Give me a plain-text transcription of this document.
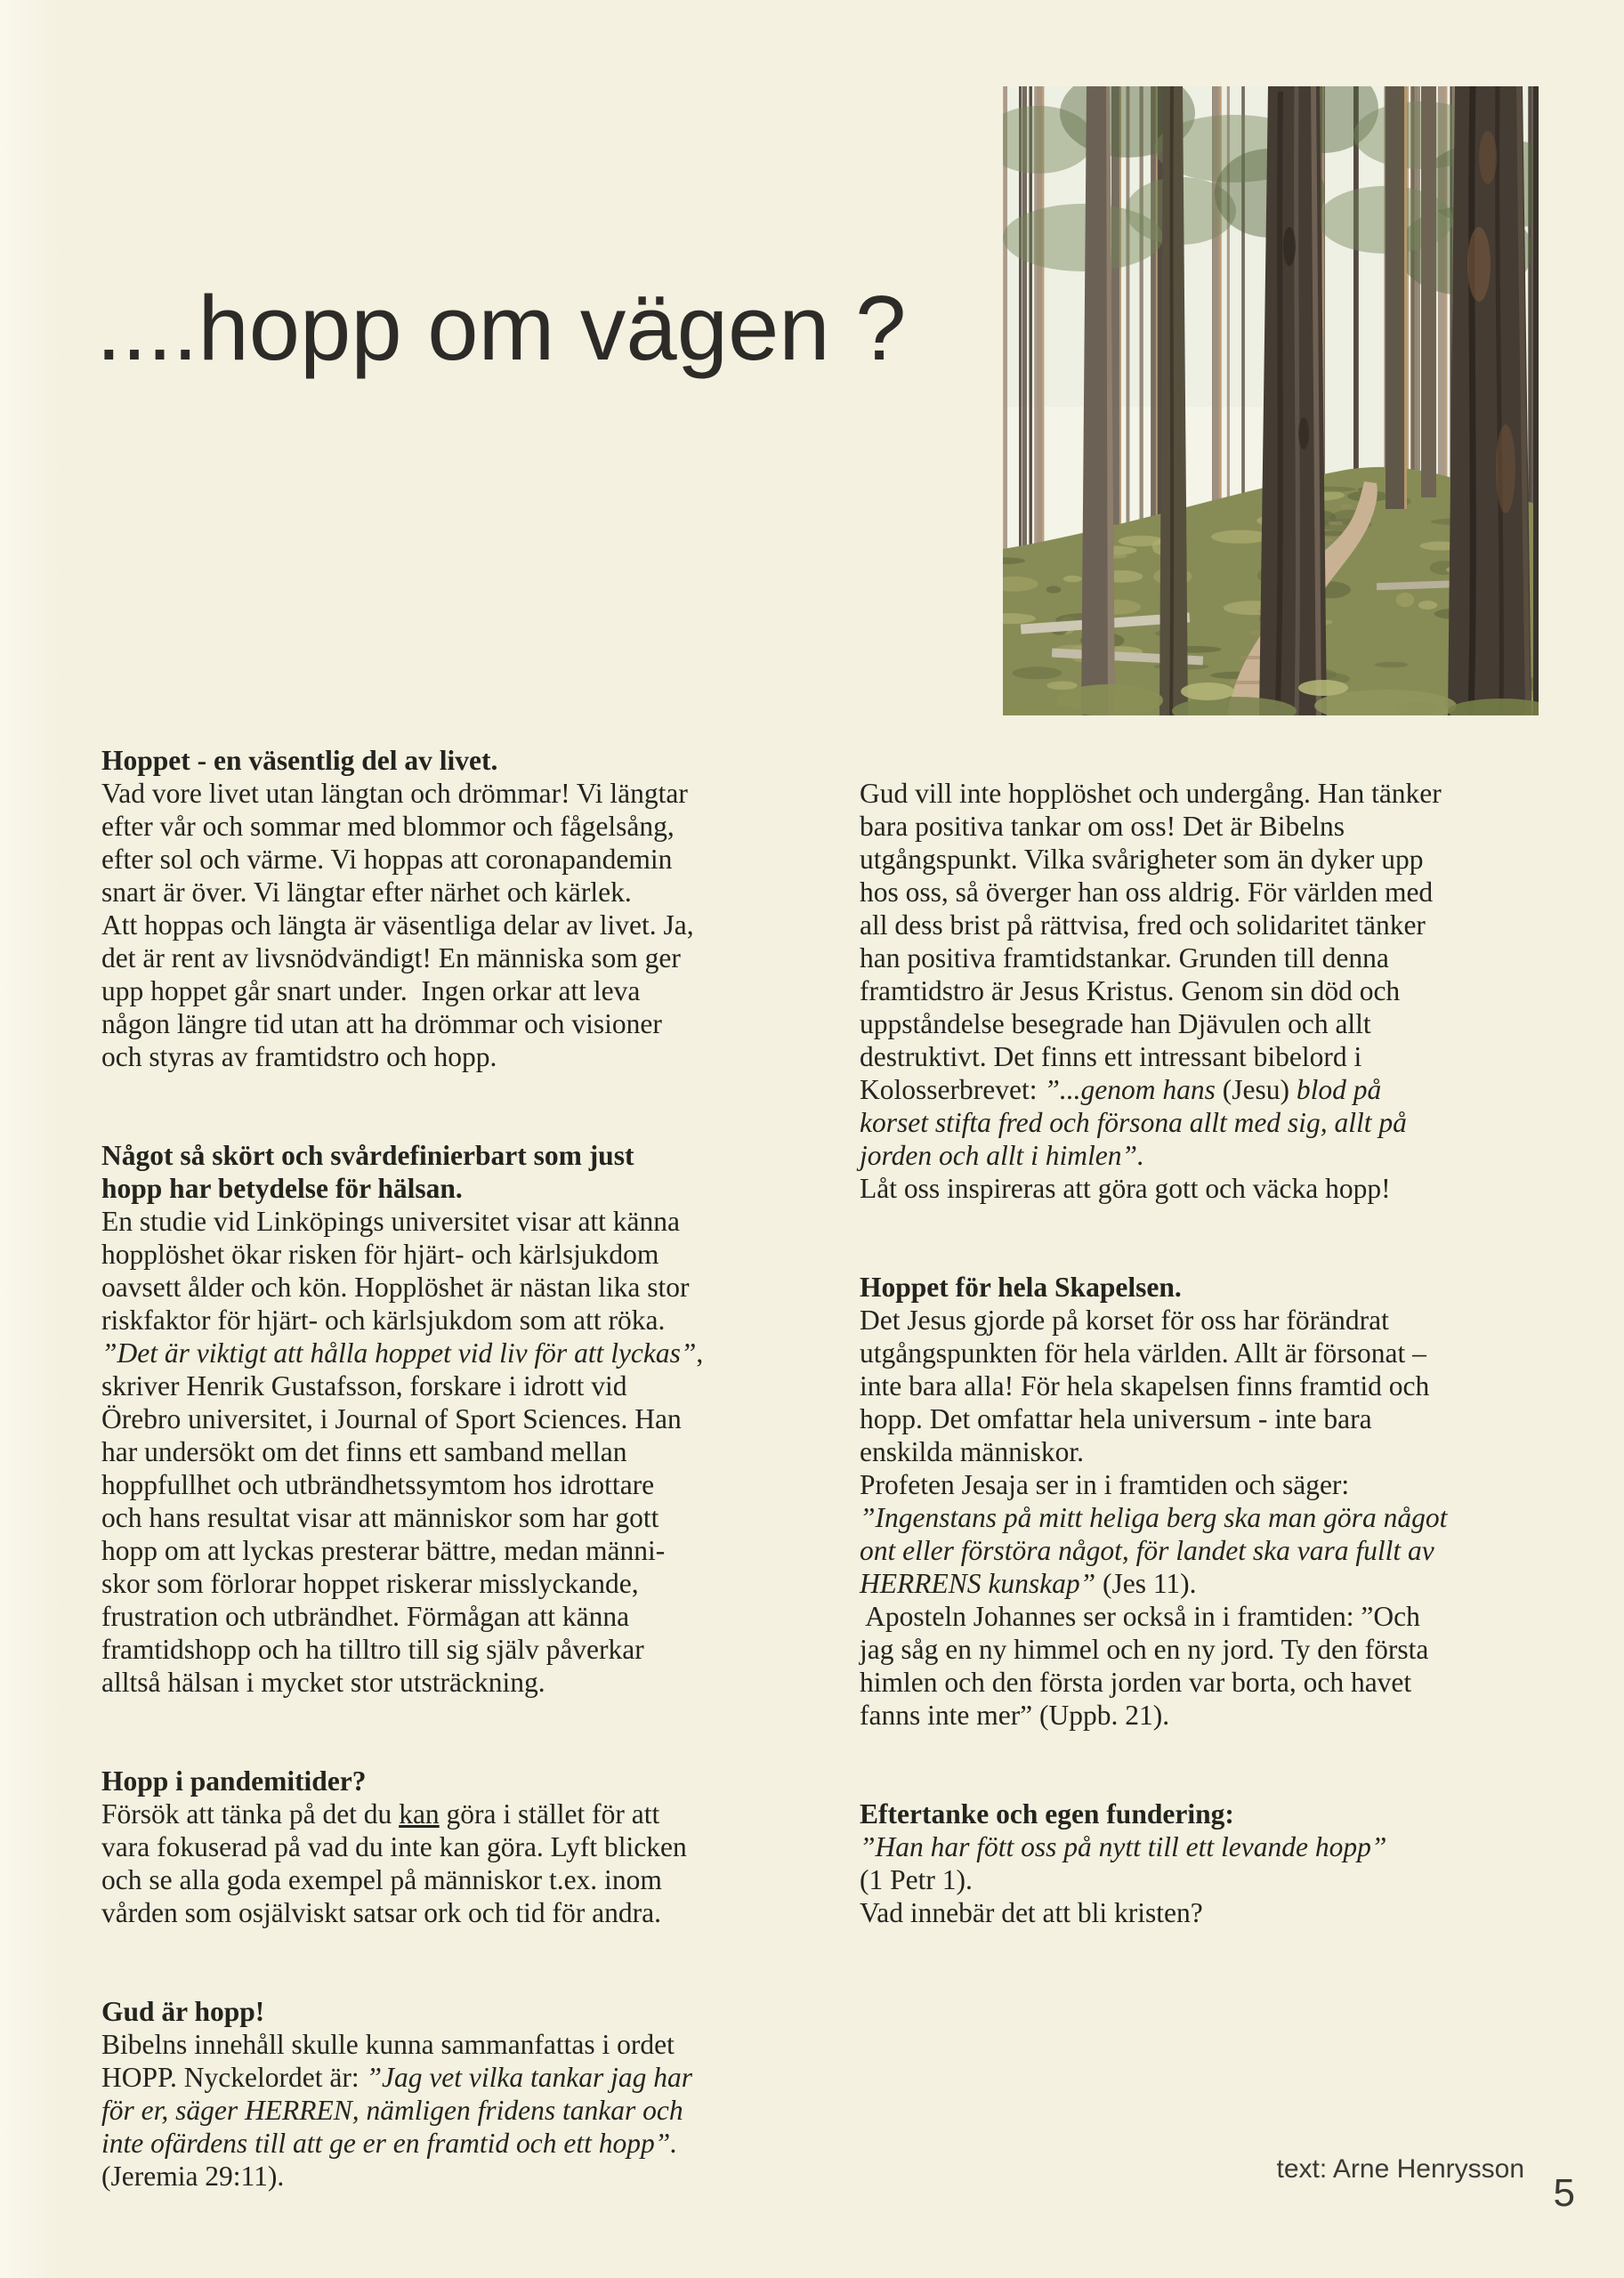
....hopp om vägen ?
Hoppet - en väsentlig del av livet.
Vad vore livet utan längtan och drömmar! Vi längtar
efter vår och sommar med blommor och fågelsång,
efter sol och värme. Vi hoppas att coronapandemin
snart är över. Vi längtar efter närhet och kärlek.
Att hoppas och längta är väsentliga delar av livet. Ja,
det är rent av livsnödvändigt! En människa som ger
upp hoppet går snart under.  Ingen orkar att leva
någon längre tid utan att ha drömmar och visioner
och styras av framtidstro och hopp.
Något så skört och svårdefinierbart som just
hopp har betydelse för hälsan.
En studie vid Linköpings universitet visar att känna
hopplöshet ökar risken för hjärt- och kärlsjukdom
oavsett ålder och kön. Hopplöshet är nästan lika stor
riskfaktor för hjärt- och kärlsjukdom som att röka.
”Det är viktigt att hålla hoppet vid liv för att lyckas”,
skriver Henrik Gustafsson, forskare i idrott vid
Örebro universitet, i Journal of Sport Sciences. Han
har undersökt om det finns ett samband mellan
hoppfullhet och utbrändhetssymtom hos idrottare
och hans resultat visar att människor som har gott
hopp om att lyckas presterar bättre, medan männi-
skor som förlorar hoppet riskerar misslyckande,
frustration och utbrändhet. Förmågan att känna
framtidshopp och ha tilltro till sig själv påverkar
alltså hälsan i mycket stor utsträckning.
Hopp i pandemitider?
Försök att tänka på det du kan göra i stället för att
vara fokuserad på vad du inte kan göra. Lyft blicken
och se alla goda exempel på människor t.ex. inom
vården som osjälviskt satsar ork och tid för andra.
Gud är hopp!
Bibelns innehåll skulle kunna sammanfattas i ordet
HOPP. Nyckelordet är: ”Jag vet vilka tankar jag har
för er, säger HERREN, nämligen fridens tankar och
inte ofärdens till att ge er en framtid och ett hopp”.
(Jeremia 29:11).
Gud vill inte hopplöshet och undergång. Han tänker
bara positiva tankar om oss! Det är Bibelns
utgångspunkt. Vilka svårigheter som än dyker upp
hos oss, så överger han oss aldrig. För världen med
all dess brist på rättvisa, fred och solidaritet tänker
han positiva framtidstankar. Grunden till denna
framtidstro är Jesus Kristus. Genom sin död och
uppståndelse besegrade han Djävulen och allt
destruktivt. Det finns ett intressant bibelord i
Kolosserbrevet: ”...genom hans (Jesu) blod på
korset stifta fred och försona allt med sig, allt på
jorden och allt i himlen”.
Låt oss inspireras att göra gott och väcka hopp!
Hoppet för hela Skapelsen.
Det Jesus gjorde på korset för oss har förändrat
utgångspunkten för hela världen. Allt är försonat –
inte bara alla! För hela skapelsen finns framtid och
hopp. Det omfattar hela universum - inte bara
enskilda människor.
Profeten Jesaja ser in i framtiden och säger:
”Ingenstans på mitt heliga berg ska man göra något
ont eller förstöra något, för landet ska vara fullt av
HERRENS kunskap” (Jes 11).
Aposteln Johannes ser också in i framtiden: ”Och
jag såg en ny himmel och en ny jord. Ty den första
himlen och den första jorden var borta, och havet
fanns inte mer” (Uppb. 21).
Eftertanke och egen fundering:
”Han har fött oss på nytt till ett levande hopp”
(1 Petr 1).
Vad innebär det att bli kristen?
text: Arne Henrysson
5
